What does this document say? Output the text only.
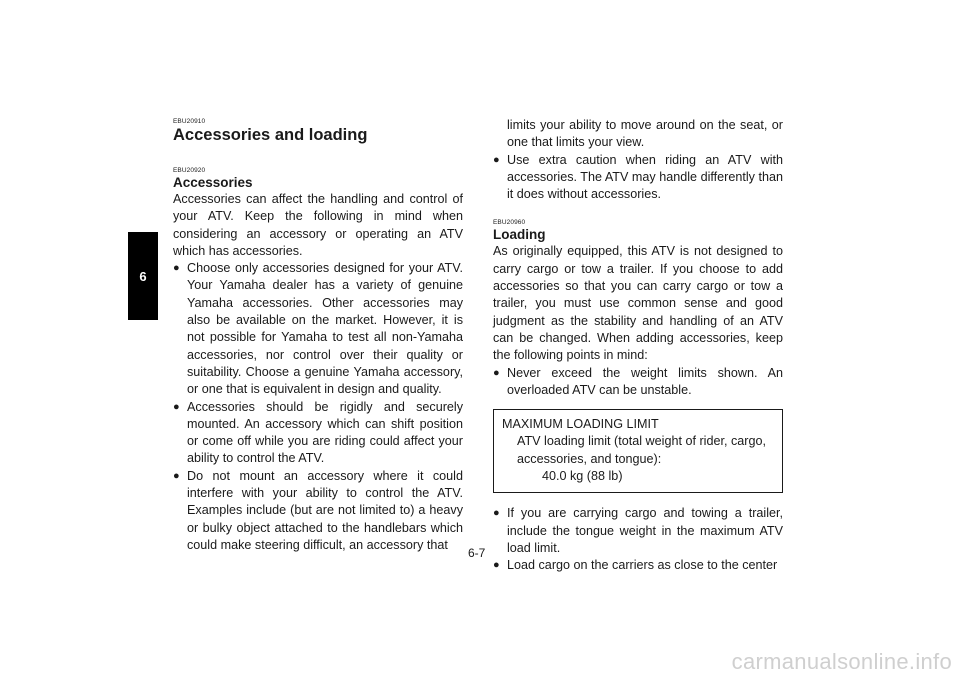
6
EBU20910
Accessories and loading
EBU20920
Accessories

Accessories can affect the handling and control of your ATV. Keep the following in mind when considering an accessory or operating an ATV which has accessories.

● Choose only accessories designed for your ATV. Your Yamaha dealer has a variety of genuine Yamaha accessories. Other accessories may also be available on the market. However, it is not possible for Yamaha to test all non-Yamaha accessories, nor control over their quality or suitability. Choose a genuine Yamaha accessory, or one that is equivalent in design and quality.
● Accessories should be rigidly and securely mounted. An accessory which can shift position or come off while you are riding could affect your ability to control the ATV.
● Do not mount an accessory where it could interfere with your ability to control the ATV. Examples include (but are not limited to) a heavy or bulky object attached to the handlebars which could make steering difficult, an accessory that
limits your ability to move around on the seat, or one that limits your view.
● Use extra caution when riding an ATV with accessories. The ATV may handle differently than it does without accessories.
EBU20960
Loading

As originally equipped, this ATV is not designed to carry cargo or tow a trailer. If you choose to add accessories so that you can carry cargo or tow a trailer, you must use common sense and good judgment as the stability and handling of an ATV can be changed. When adding accessories, keep the following points in mind:

● Never exceed the weight limits shown. An overloaded ATV can be unstable.
MAXIMUM LOADING LIMIT
ATV loading limit (total weight of rider, cargo, accessories, and tongue):
40.0 kg (88 lb)
● If you are carrying cargo and towing a trailer, include the tongue weight in the maximum ATV load limit.
● Load cargo on the carriers as close to the center
6-7
carmanualsonline.info
